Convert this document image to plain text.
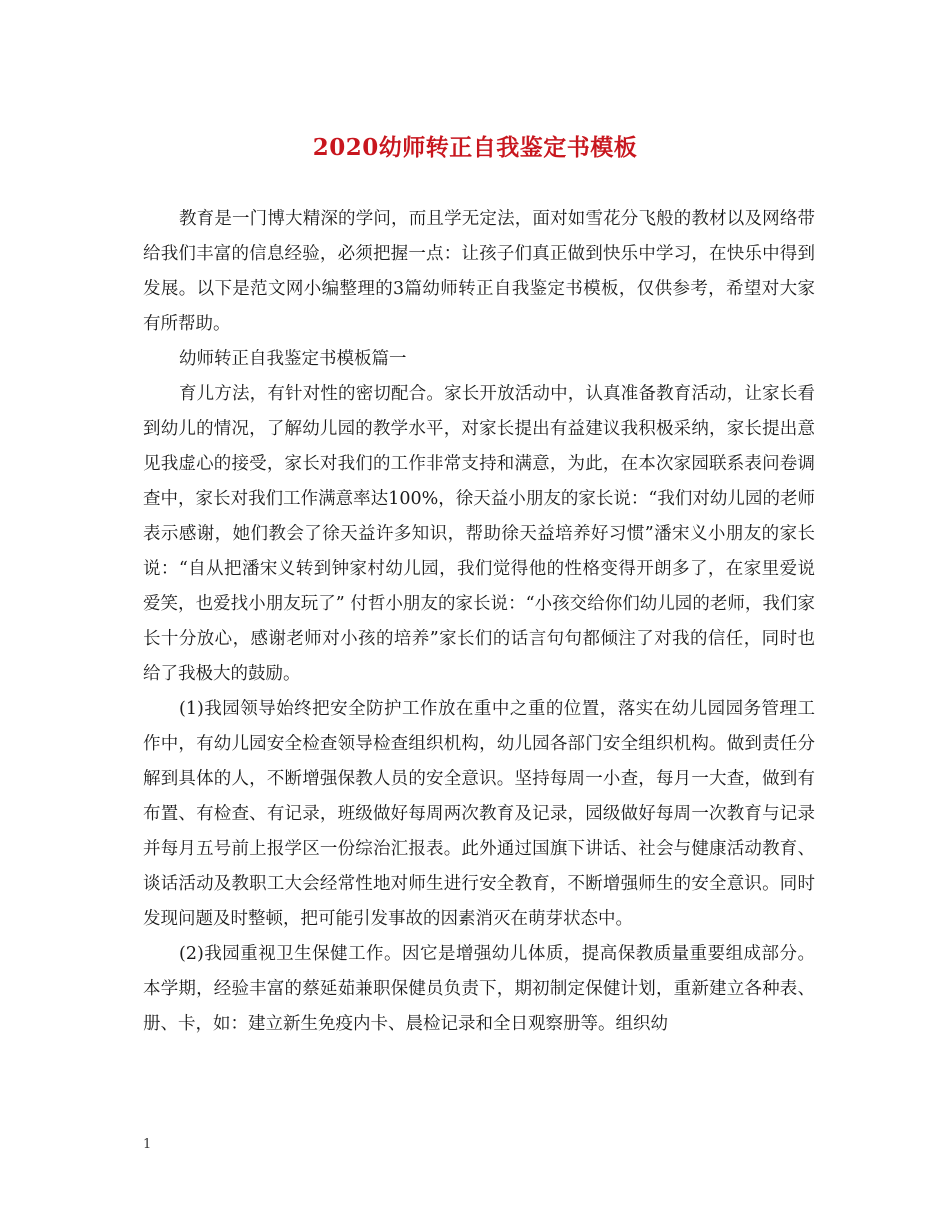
2020幼师转正自我鉴定书模板

教育是一门博大精深的学问，而且学无定法，面对如雪花分飞般的教材以及网络带给我们丰富的信息经验，必须把握一点：让孩子们真正做到快乐中学习，在快乐中得到发展。以下是范文网小编整理的3篇幼师转正自我鉴定书模板，仅供参考，希望对大家有所帮助。

幼师转正自我鉴定书模板篇一

育儿方法，有针对性的密切配合。家长开放活动中，认真准备教育活动，让家长看到幼儿的情况，了解幼儿园的教学水平，对家长提出有益建议我积极采纳，家长提出意见我虚心的接受，家长对我们的工作非常支持和满意，为此，在本次家园联系表问卷调查中，家长对我们工作满意率达100%，徐天益小朋友的家长说：“我们对幼儿园的老师表示感谢，她们教会了徐天益许多知识，帮助徐天益培养好习惯”潘宋义小朋友的家长说：“自从把潘宋义转到钟家村幼儿园，我们觉得他的性格变得开朗多了，在家里爱说爱笑，也爱找小朋友玩了” 付哲小朋友的家长说：“小孩交给你们幼儿园的老师，我们家长十分放心，感谢老师对小孩的培养”家长们的话言句句都倾注了对我的信任，同时也给了我极大的鼓励。

(1)我园领导始终把安全防护工作放在重中之重的位置，落实在幼儿园园务管理工作中，有幼儿园安全检查领导检查组织机构，幼儿园各部门安全组织机构。做到责任分解到具体的人，不断增强保教人员的安全意识。坚持每周一小查，每月一大查，做到有布置、有检查、有记录，班级做好每周两次教育及记录，园级做好每周一次教育与记录并每月五号前上报学区一份综治汇报表。此外通过国旗下讲话、社会与健康活动教育、谈话活动及教职工大会经常性地对师生进行安全教育，不断增强师生的安全意识。同时发现问题及时整顿，把可能引发事故的因素消灭在萌芽状态中。

(2)我园重视卫生保健工作。因它是增强幼儿体质，提高保教质量重要组成部分。本学期，经验丰富的蔡延茹兼职保健员负责下，期初制定保健计划，重新建立各种表、册、卡，如：建立新生免疫内卡、晨检记录和全日观察册等。组织幼

1
